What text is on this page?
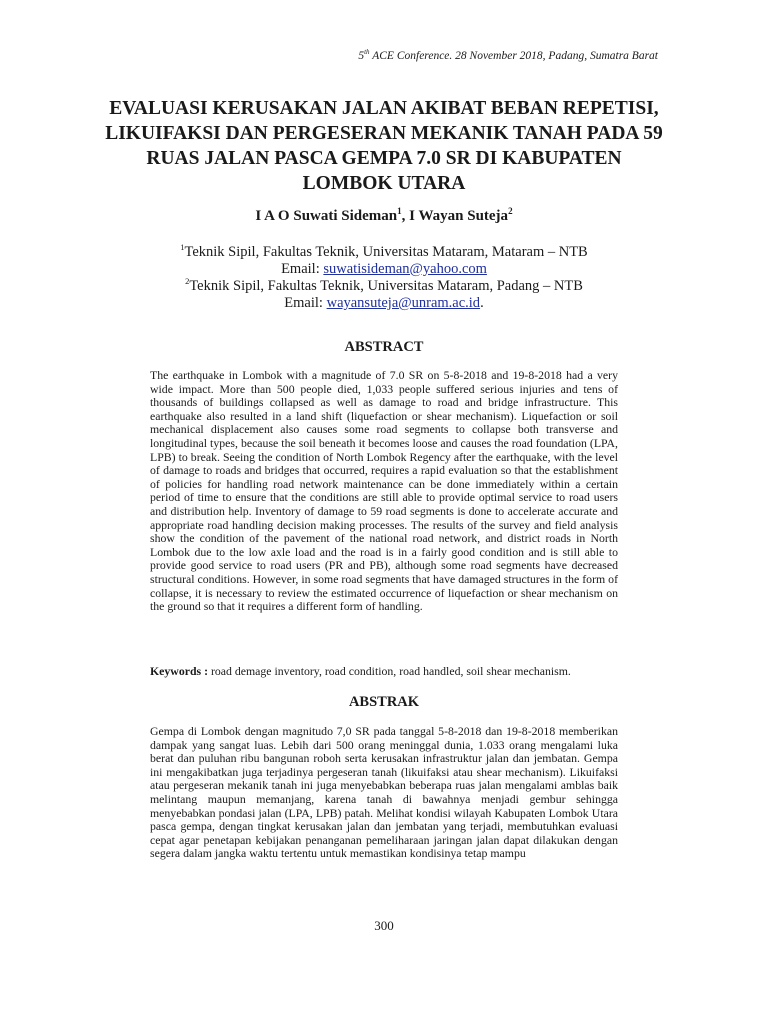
5th ACE Conference. 28 November 2018, Padang, Sumatra Barat
EVALUASI KERUSAKAN JALAN AKIBAT BEBAN REPETISI, LIKUIFAKSI DAN PERGESERAN MEKANIK TANAH PADA 59 RUAS JALAN PASCA GEMPA 7.0 SR DI KABUPATEN LOMBOK UTARA
I A O Suwati Sideman$^1$, I Wayan Suteja$^2$
$^1$Teknik Sipil, Fakultas Teknik, Universitas Mataram, Mataram – NTB
Email: suwatisideman@yahoo.com
$^2$Teknik Sipil, Fakultas Teknik, Universitas Mataram, Padang – NTB
Email: wayansuteja@unram.ac.id.
ABSTRACT

The earthquake in Lombok with a magnitude of 7.0 SR on 5-8-2018 and 19-8-2018 had a very wide impact. More than 500 people died, 1,033 people suffered serious injuries and tens of thousands of buildings collapsed as well as damage to road and bridge infrastructure. This earthquake also resulted in a land shift (liquefaction or shear mechanism). Liquefaction or soil mechanical displacement also causes some road segments to collapse both transverse and longitudinal types, because the soil beneath it becomes loose and causes the road foundation (LPA, LPB) to break. Seeing the condition of North Lombok Regency after the earthquake, with the level of damage to roads and bridges that occurred, requires a rapid evaluation so that the establishment of policies for handling road network maintenance can be done immediately within a certain period of time to ensure that the conditions are still able to provide optimal service to road users and distribution help. Inventory of damage to 59 road segments is done to accelerate accurate and appropriate road handling decision making processes. The results of the survey and field analysis show the condition of the pavement of the national road network, and district roads in North Lombok due to the low axle load and the road is in a fairly good condition and is still able to provide good service to road users (PR and PB), although some road segments have decreased structural conditions. However, in some road segments that have damaged structures in the form of collapse, it is necessary to review the estimated occurrence of liquefaction or shear mechanism on the ground so that it requires a different form of handling.

Keywords : road demage inventory, road condition, road handled, soil shear mechanism.

ABSTRAK

Gempa di Lombok dengan magnitudo 7,0 SR pada tanggal 5-8-2018 dan 19-8-2018 memberikan dampak yang sangat luas. Lebih dari 500 orang meninggal dunia, 1.033 orang mengalami luka berat dan puluhan ribu bangunan roboh serta kerusakan infrastruktur jalan dan jembatan. Gempa ini mengakibatkan juga terjadinya pergeseran tanah (likuifaksi atau shear mechanism). Likuifaksi atau pergeseran mekanik tanah ini juga menyebabkan beberapa ruas jalan mengalami amblas baik melintang maupun memanjang, karena tanah di bawahnya menjadi gembur sehingga menyebabkan pondasi jalan (LPA, LPB) patah. Melihat kondisi wilayah Kabupaten Lombok Utara pasca gempa, dengan tingkat kerusakan jalan dan jembatan yang terjadi, membutuhkan evaluasi cepat agar penetapan kebijakan penanganan pemeliharaan jaringan jalan dapat dilakukan dengan segera dalam jangka waktu tertentu untuk memastikan kondisinya tetap mampu

300
